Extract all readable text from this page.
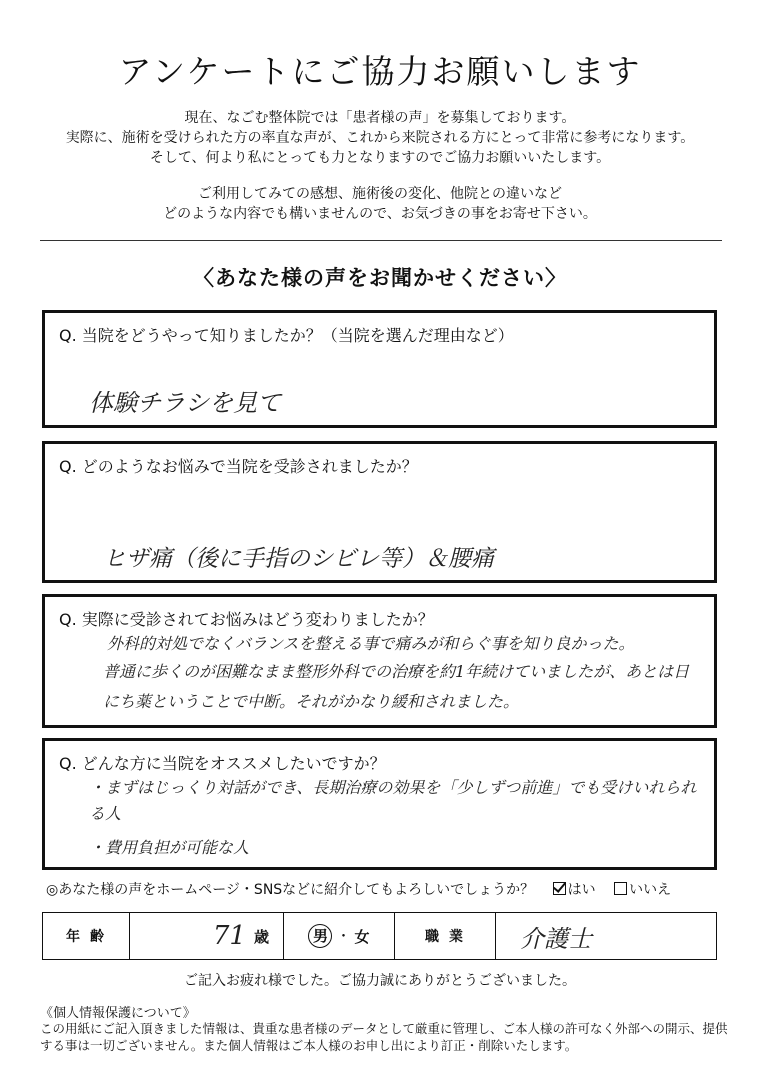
アンケートにご協力お願いします
現在、なごむ整体院では「患者様の声」を募集しております。
実際に、施術を受けられた方の率直な声が、これから来院される方にとって非常に参考になります。
そして、何より私にとっても力となりますのでご協力お願いいたします。
ご利用してみての感想、施術後の変化、他院との違いなど
どのような内容でも構いませんので、お気づきの事をお寄せ下さい。
〈あなた様の声をお聞かせください〉
Q. 当院をどうやって知りましたか？（当院を選んだ理由など）
体験チラシを見て
Q. どのようなお悩みで当院を受診されましたか？
ヒザ痛（後に手指のシビレ等）＆腰痛
Q. 実際に受診されてお悩みはどう変わりましたか？
外科的対処でなくバランスを整える事で痛みが和らぐ事を知り良かった。
普通に歩くのが困難なまま整形外科での治療を約1年続けていましたが、あとは日にち薬ということで中断。それがかなり緩和されました。
Q. どんな方に当院をオススメしたいですか？
・まずはじっくり対話ができ、長期治療の効果を「少しずつ前進」でも受けいれられる人
・費用負担が可能な人
◎あなた様の声をホームページ・SNSなどに紹介してもよろしいでしょうか？ はい いいえ
年齢	71 歳	男 ・ 女	職業 介護士
ご記入お疲れ様でした。ご協力誠にありがとうございました。
《個人情報保護について》
この用紙にご記入頂きました情報は、貴重な患者様のデータとして厳重に管理し、ご本人様の許可なく外部への開示、提供する事は一切ございません。また個人情報はご本人様のお申し出により訂正・削除いたします。
